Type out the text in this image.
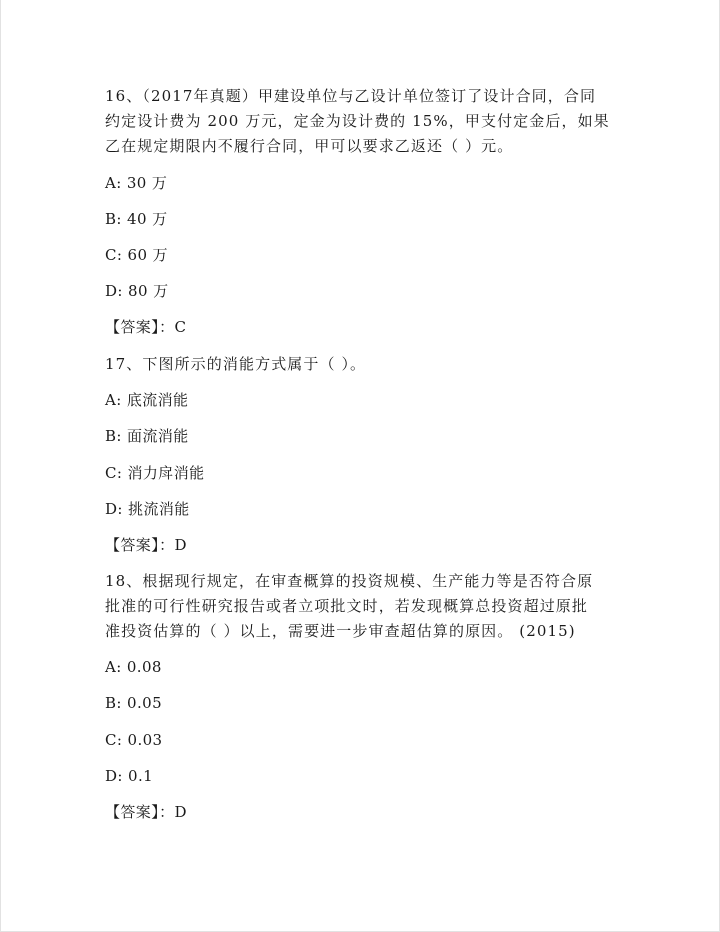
16、（2017年真题）甲建设单位与乙设计单位签订了设计合同，合同

约定设计费为 200 万元，定金为设计费的 15%，甲支付定金后，如果

乙在规定期限内不履行合同，甲可以要求乙返还（ ）元。

A: 30 万

B: 40 万

C: 60 万

D: 80 万

【答案】：C

17、下图所示的消能方式属于（ ）。

A: 底流消能

B: 面流消能

C: 消力戽消能

D: 挑流消能

【答案】：D

18、根据现行规定，在审查概算的投资规模、生产能力等是否符合原

批准的可行性研究报告或者立项批文时，若发现概算总投资超过原批

准投资估算的（ ）以上，需要进一步审查超估算的原因。 (2015)

A: 0.08

B: 0.05

C: 0.03

D: 0.1

【答案】：D
